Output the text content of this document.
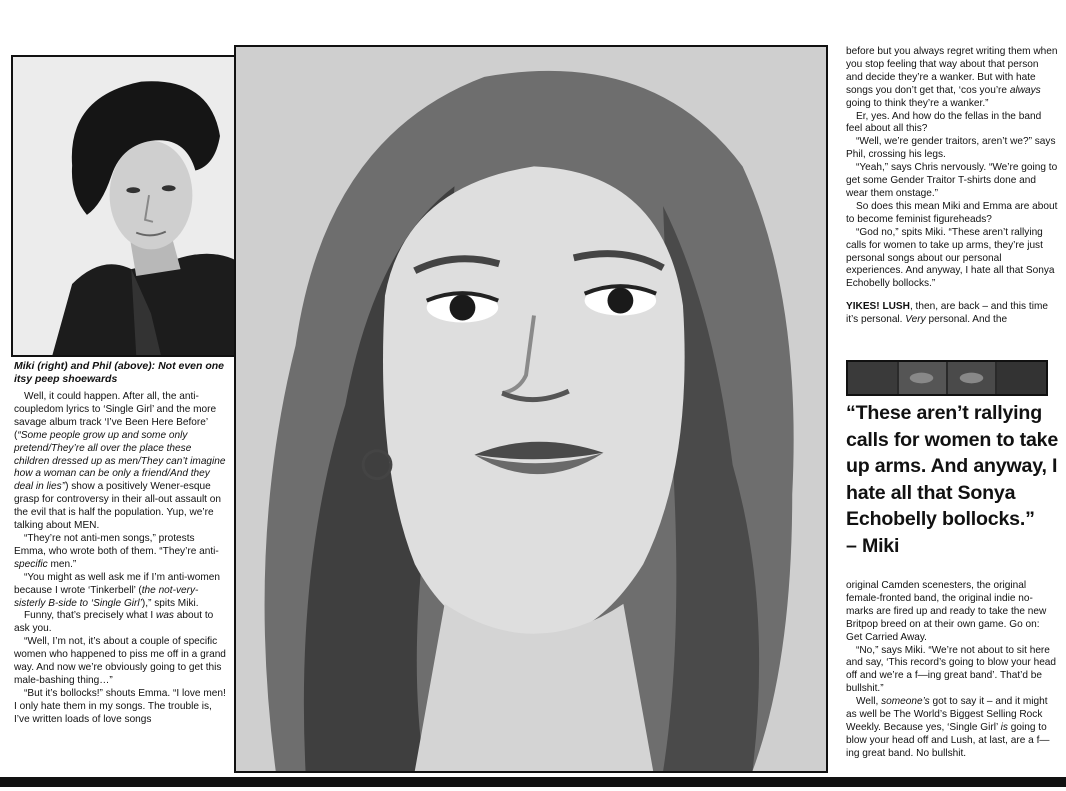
Miki (right) and Phil (above): Not even one itsy peep shoewards

Well, it could happen. After all, the anti-coupledom lyrics to ‘Single Girl’ and the more savage album track ‘I’ve Been Here Before’ (“Some people grow up and some only pretend/They’re all over the place these children dressed up as men/They can’t imagine how a woman can be only a friend/And they deal in lies”) show a positively Wener-esque grasp for controversy in their all-out assault on the evil that is half the population. Yup, we’re talking about MEN.

“They’re not anti-men songs,” protests Emma, who wrote both of them. “They’re anti-specific men.”

“You might as well ask me if I’m anti-women because I wrote ‘Tinkerbell’ (the not-very-sisterly B-side to ‘Single Girl’),” spits Miki.

Funny, that’s precisely what I was about to ask you.

“Well, I’m not, it’s about a couple of specific women who happened to piss me off in a grand way. And now we’re obviously going to get this male-bashing thing…”

“But it’s bollocks!” shouts Emma. “I love men! I only hate them in my songs. The trouble is, I’ve written loads of love songs

before but you always regret writing them when you stop feeling that way about that person and decide they’re a wanker. But with hate songs you don’t get that, ‘cos you’re always going to think they’re a wanker.”

Er, yes. And how do the fellas in the band feel about all this?

“Well, we’re gender traitors, aren’t we?” says Phil, crossing his legs.

“Yeah,” says Chris nervously. “We’re going to get some Gender Traitor T-shirts done and wear them onstage.”

So does this mean Miki and Emma are about to become feminist figureheads?

“God no,” spits Miki. “These aren’t rallying calls for women to take up arms, they’re just personal songs about our personal experiences. And anyway, I hate all that Sonya Echobelly bollocks.”

YIKES! LUSH, then, are back – and this time it’s personal. Very personal. And the

“These aren’t rallying calls for women to take up arms. And anyway, I hate all that Sonya Echobelly bollocks.”
– Miki

original Camden scenesters, the original female-fronted band, the original indie no-marks are fired up and ready to take the new Britpop breed on at their own game. Go on: Get Carried Away.

“No,” says Miki. “We’re not about to sit here and say, ‘This record’s going to blow your head off and we’re a f—ing great band’. That’d be bullshit.”

Well, someone’s got to say it – and it might as well be The World’s Biggest Selling Rock Weekly. Because yes, ‘Single Girl’ is going to blow your head off and Lush, at last, are a f—ing great band. No bullshit.
